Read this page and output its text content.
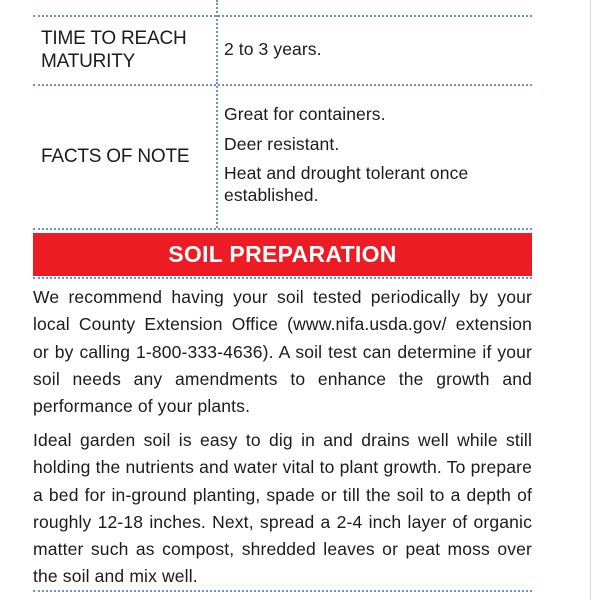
TIME TO REACH
MATURITY
2 to 3 years.
FACTS OF NOTE
Great for containers.
Deer resistant.
Heat and drought tolerant once
established.
SOIL PREPARATION

We recommend having your soil tested periodically by your local County Extension Office (www.nifa.usda.gov/ extension or by calling 1-800-333-4636). A soil test can determine if your soil needs any amendments to enhance the growth and performance of your plants.

Ideal garden soil is easy to dig in and drains well while still holding the nutrients and water vital to plant growth. To prepare a bed for in-ground planting, spade or till the soil to a depth of roughly 12-18 inches. Next, spread a 2-4 inch layer of organic matter such as compost, shredded leaves or peat moss over the soil and mix well.
